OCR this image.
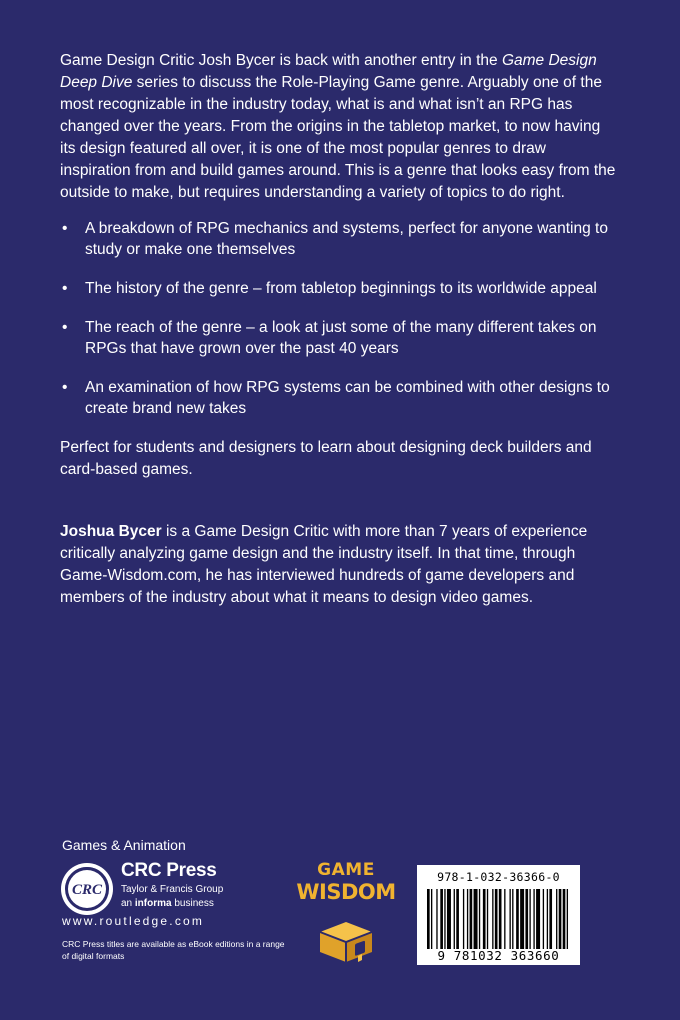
Game Design Critic Josh Bycer is back with another entry in the Game Design Deep Dive series to discuss the Role-Playing Game genre. Arguably one of the most recognizable in the industry today, what is and what isn’t an RPG has changed over the years. From the origins in the tabletop market, to now having its design featured all over, it is one of the most popular genres to draw inspiration from and build games around. This is a genre that looks easy from the outside to make, but requires understanding a variety of topics to do right.

• A breakdown of RPG mechanics and systems, perfect for anyone wanting to study or make one themselves
• The history of the genre – from tabletop beginnings to its worldwide appeal
• The reach of the genre – a look at just some of the many different takes on RPGs that have grown over the past 40 years
• An examination of how RPG systems can be combined with other designs to create brand new takes

Perfect for students and designers to learn about designing deck builders and card-based games.

Joshua Bycer is a Game Design Critic with more than 7 years of experience critically analyzing game design and the industry itself. In that time, through Game-Wisdom.com, he has interviewed hundreds of game developers and members of the industry about what it means to design video games.

Games & Animation
CRC
CRC Press
Taylor & Francis Group
an informa business
www.routledge.com
CRC Press titles are available as eBook editions in a range of digital formats
GAME
WISDOM
978-1-032-36366-0
9 781032 363660
